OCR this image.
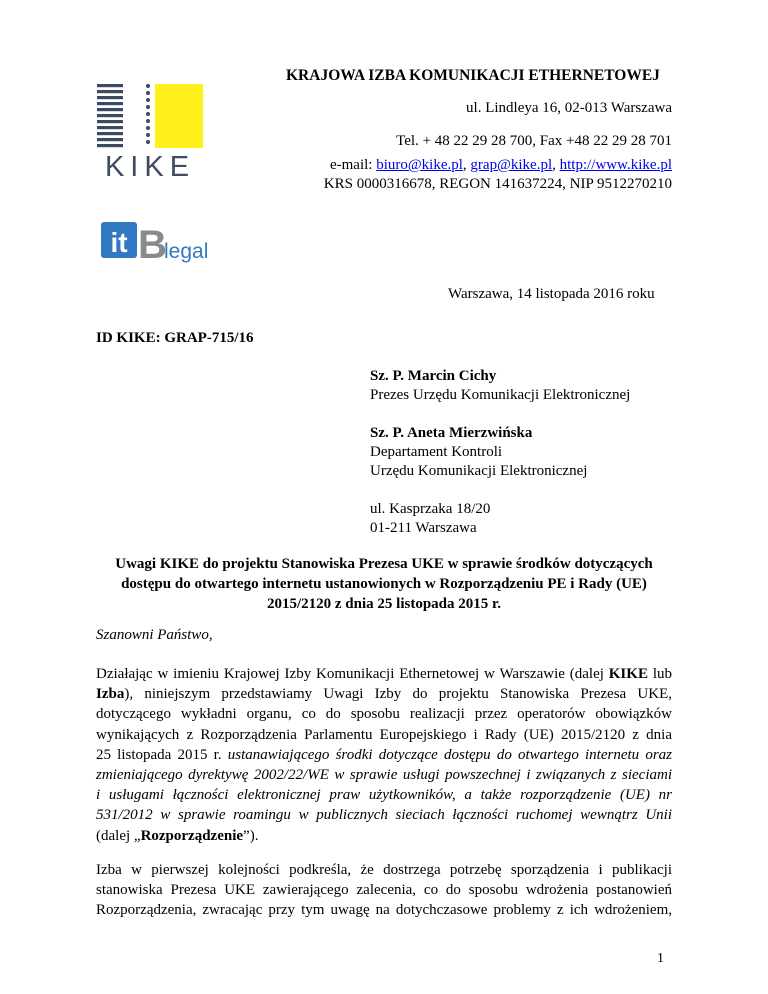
KIKE
it B
legal
KRAJOWA IZBA KOMUNIKACJI ETHERNETOWEJ
ul. Lindleya 16, 02-013 Warszawa
Tel. + 48 22 29 28 700, Fax +48 22 29 28 701
e-mail: biuro@kike.pl, grap@kike.pl, http://www.kike.pl
KRS 0000316678, REGON 141637224, NIP 9512270210
Warszawa, 14 listopada 2016 roku
ID KIKE: GRAP-715/16
Sz. P. Marcin Cichy
Prezes Urzędu Komunikacji Elektronicznej
Sz. P. Aneta Mierzwińska
Departament Kontroli
Urzędu Komunikacji Elektronicznej
ul. Kasprzaka 18/20
01-211 Warszawa
Uwagi KIKE do projektu Stanowiska Prezesa UKE w sprawie środków dotyczących
dostępu do otwartego internetu ustanowionych w Rozporządzeniu PE i Rady (UE)
2015/2120 z dnia 25 listopada 2015 r.
Szanowni Państwo,
Działając w imieniu Krajowej Izby Komunikacji Ethernetowej w Warszawie (dalej KIKE lub
Izba), niniejszym przedstawiamy Uwagi Izby do projektu Stanowiska Prezesa UKE,
dotyczącego wykładni organu, co do sposobu realizacji przez operatorów obowiązków
wynikających z Rozporządzenia Parlamentu Europejskiego i Rady (UE) 2015/2120 z dnia
25 listopada 2015 r. ustanawiającego środki dotyczące dostępu do otwartego internetu oraz
zmieniającego dyrektywę 2002/22/WE w sprawie usługi powszechnej i związanych z sieciami
i usługami łączności elektronicznej praw użytkowników, a także rozporządzenie (UE) nr
531/2012 w sprawie roamingu w publicznych sieciach łączności ruchomej wewnątrz Unii
(dalej „Rozporządzenie”).
Izba w pierwszej kolejności podkreśla, że dostrzega potrzebę sporządzenia i publikacji
stanowiska Prezesa UKE zawierającego zalecenia, co do sposobu wdrożenia postanowień
Rozporządzenia, zwracając przy tym uwagę na dotychczasowe problemy z ich wdrożeniem,
1
